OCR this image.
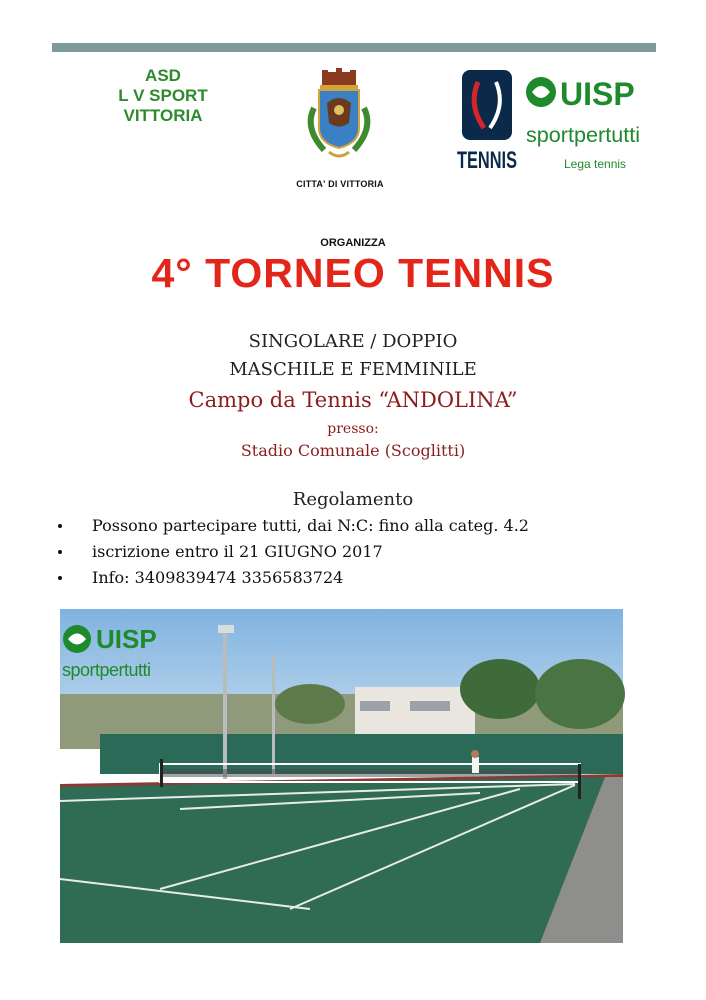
ASD
L V SPORT
VITTORIA
CITTA' DI VITTORIA
TENNIS
UISP
sportpertutti
Lega tennis
ORGANIZZA
4° TORNEO TENNIS
SINGOLARE / DOPPIO
MASCHILE E FEMMINILE
Campo da Tennis “ANDOLINA”
presso:
Stadio Comunale (Scoglitti)
Regolamento
Possono partecipare tutti, dai N:C: fino alla categ. 4.2
iscrizione entro il 21 GIUGNO 2017
Info: 3409839474 3356583724
UISP
sportpertutti
